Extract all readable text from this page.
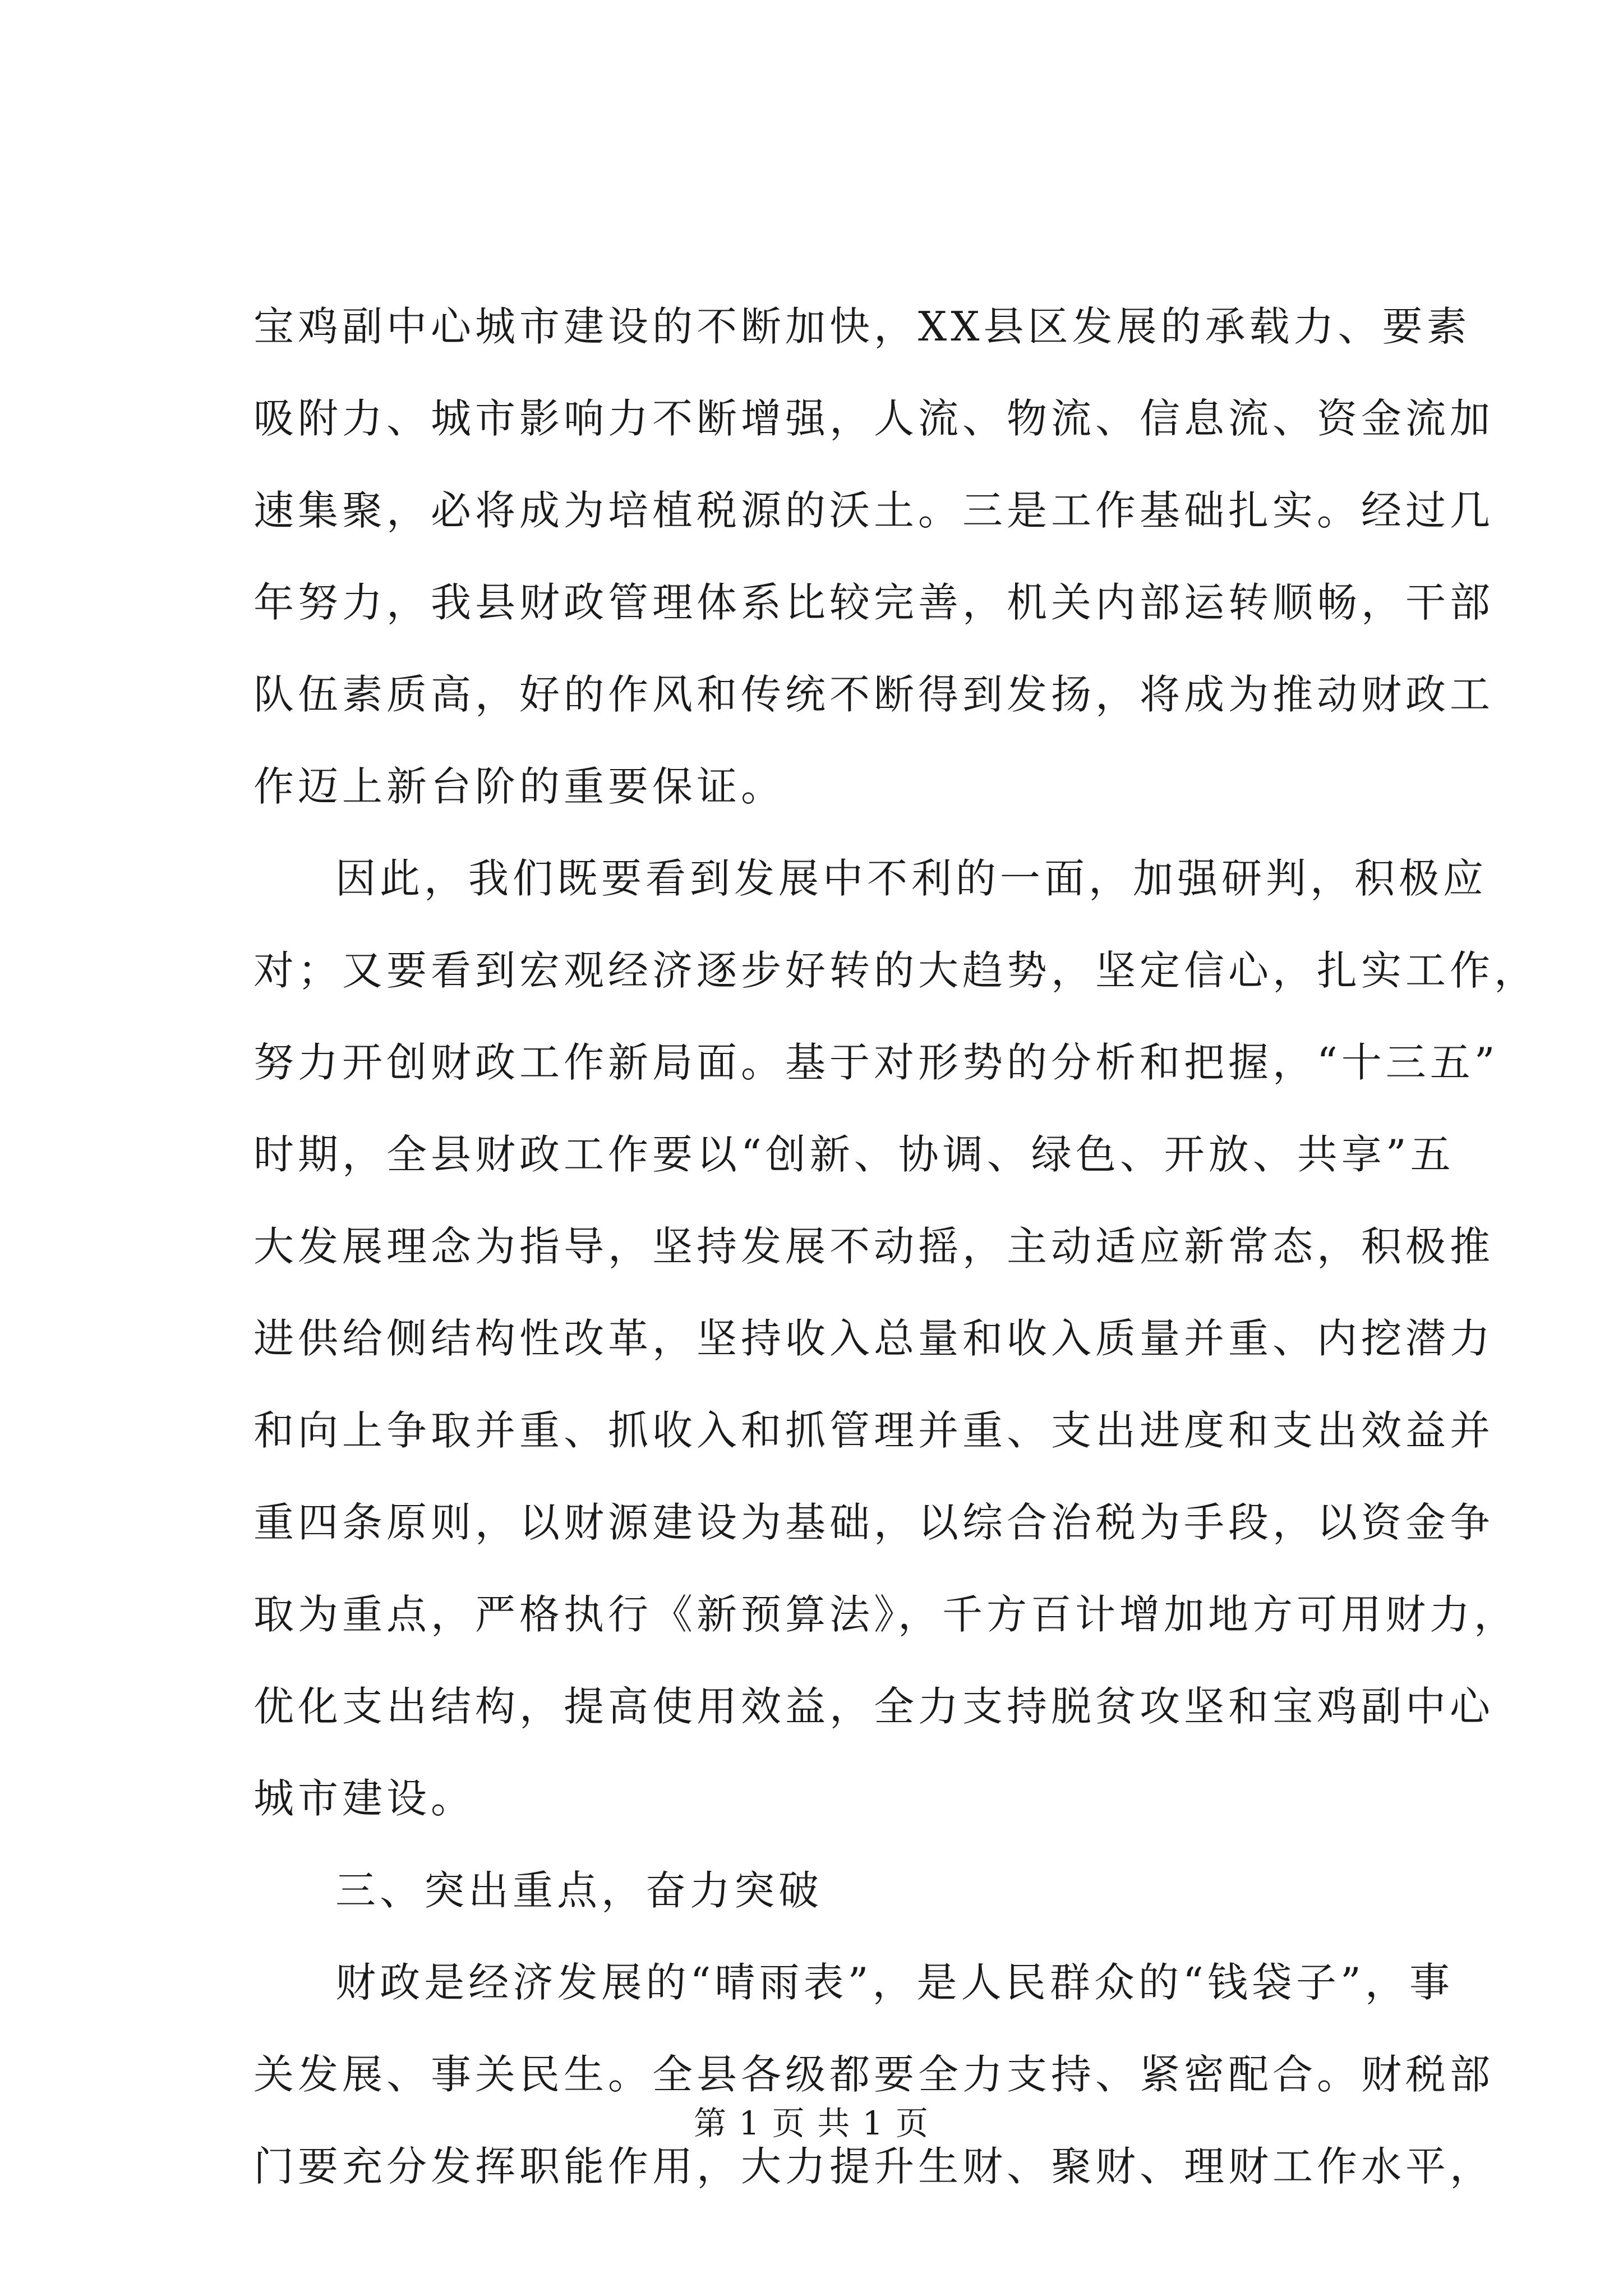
宝鸡副中心城市建设的不断加快，XX县区发展的承载力、要素
吸附力、城市影响力不断增强，人流、物流、信息流、资金流加
速集聚，必将成为培植税源的沃土。三是工作基础扎实。经过几
年努力，我县财政管理体系比较完善，机关内部运转顺畅，干部
队伍素质高，好的作风和传统不断得到发扬，将成为推动财政工
作迈上新台阶的重要保证。
因此，我们既要看到发展中不利的一面，加强研判，积极应
对；又要看到宏观经济逐步好转的大趋势，坚定信心，扎实工作，
努力开创财政工作新局面。基于对形势的分析和把握，“十三五”
时期，全县财政工作要以“创新、协调、绿色、开放、共享”五
大发展理念为指导，坚持发展不动摇，主动适应新常态，积极推
进供给侧结构性改革，坚持收入总量和收入质量并重、内挖潜力
和向上争取并重、抓收入和抓管理并重、支出进度和支出效益并
重四条原则，以财源建设为基础，以综合治税为手段，以资金争
取为重点，严格执行《新预算法》，千方百计增加地方可用财力，
优化支出结构，提高使用效益，全力支持脱贫攻坚和宝鸡副中心
城市建设。
三、突出重点，奋力突破
财政是经济发展的“晴雨表”，是人民群众的“钱袋子”，事
关发展、事关民生。全县各级都要全力支持、紧密配合。财税部
门要充分发挥职能作用，大力提升生财、聚财、理财工作水平，
第 1 页 共 1 页
